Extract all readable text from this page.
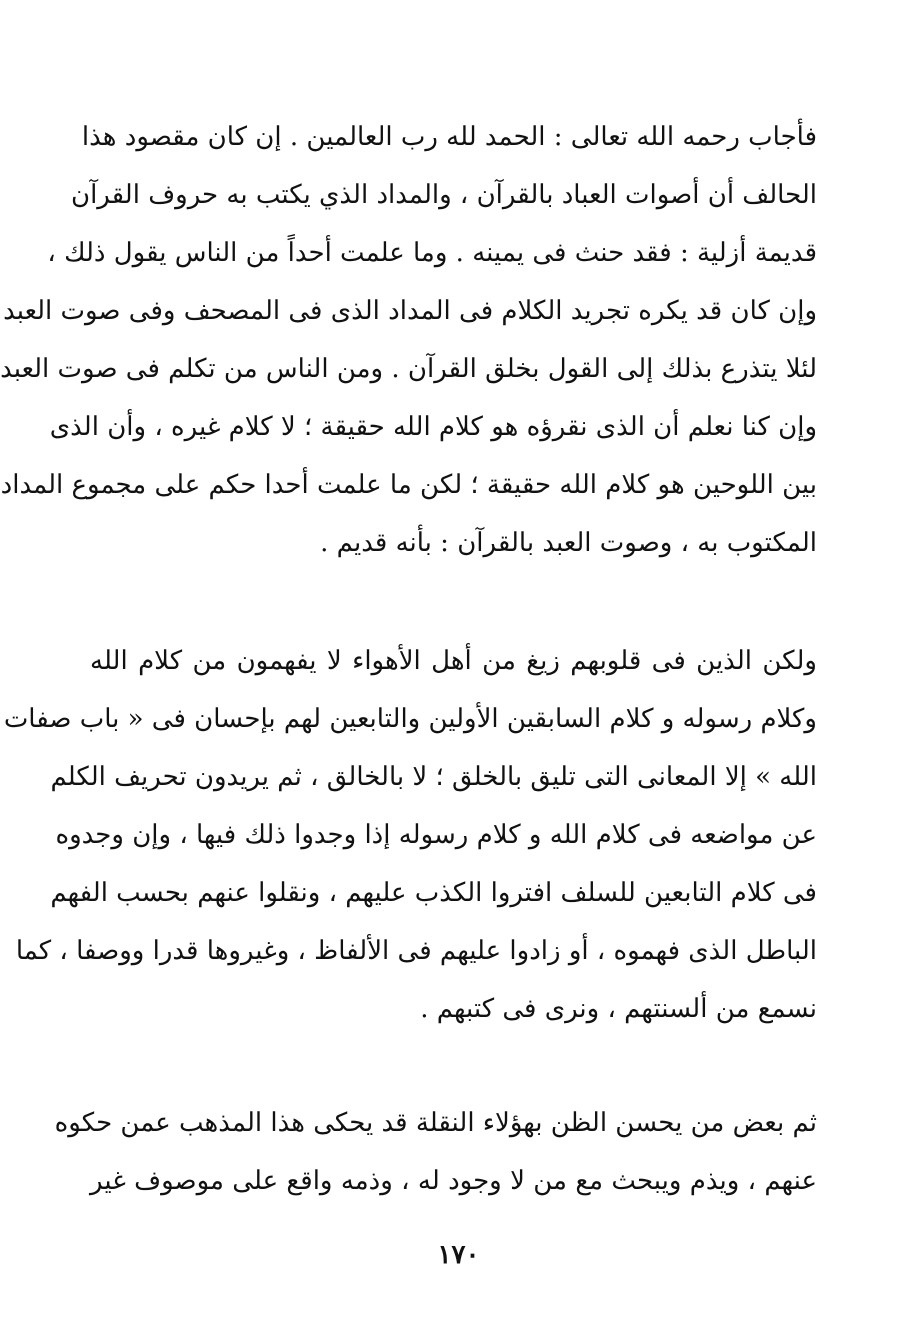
فأجاب رحمه الله تعالى : الحمد لله رب العالمين . إن كان مقصود هذا
الحالف أن أصوات العباد بالقرآن ، والمداد الذي يكتب به حروف القرآن
قديمة أزلية : فقد حنث فى يمينه . وما علمت أحداً من الناس يقول ذلك ،
وإن كان قد يكره تجريد الكلام فى المداد الذى فى المصحف وفى صوت العبد
لئلا يتذرع بذلك إلى القول بخلق القرآن . ومن الناس من تكلم فى صوت العبد
وإن كنا نعلم أن الذى نقرؤه هو كلام الله حقيقة ؛ لا كلام غيره ، وأن الذى
بين اللوحين هو كلام الله حقيقة ؛ لكن ما علمت أحدا حكم على مجموع المداد
المكتوب به ، وصوت العبد بالقرآن : بأنه قديم .
ولكن الذين فى قلوبهم زيغ من أهل الأهواء لا يفهمون من كلام الله
وكلام رسوله و كلام السابقين الأولين والتابعين لهم بإحسان فى « باب صفات
الله » إلا المعانى التى تليق بالخلق ؛ لا بالخالق ، ثم يريدون تحريف الكلم
عن مواضعه فى كلام الله و كلام رسوله إذا وجدوا ذلك فيها ، وإن وجدوه
فى كلام التابعين للسلف افتروا الكذب عليهم ، ونقلوا عنهم بحسب الفهم
الباطل الذى فهموه ، أو زادوا عليهم فى الألفاظ ، وغيروها قدرا ووصفا ، كما
نسمع من ألسنتهم ، ونرى فى كتبهم .
ثم بعض من يحسن الظن بهؤلاء النقلة قد يحكى هذا المذهب عمن حكوه
عنهم ، ويذم ويبحث مع من لا وجود له ، وذمه واقع على موصوف غير
١٧٠
